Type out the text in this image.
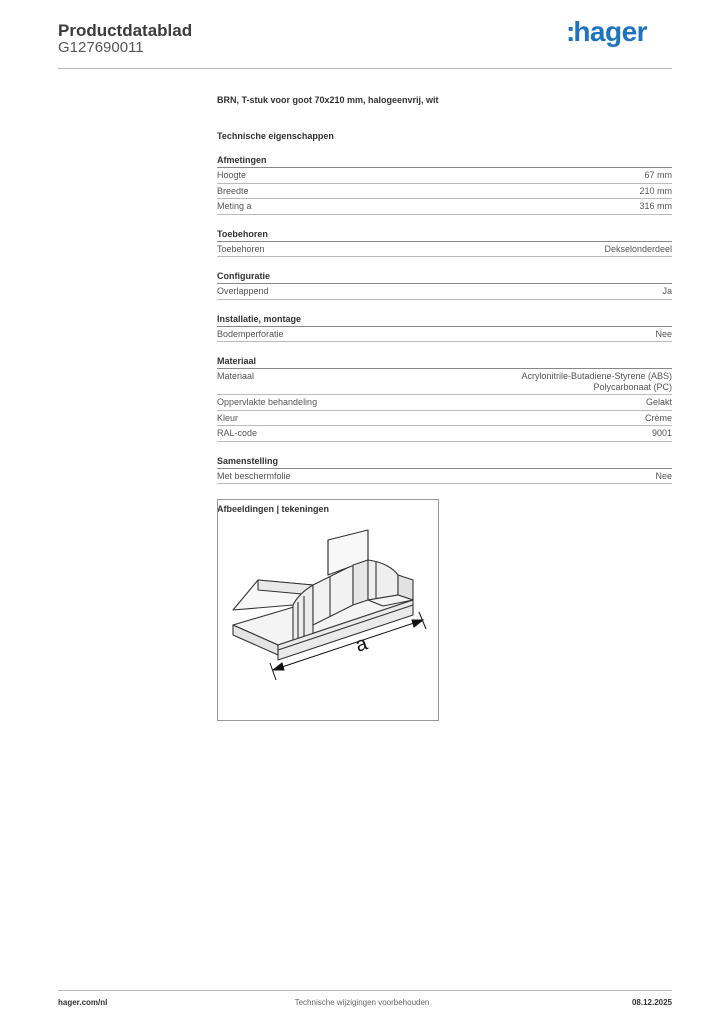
Productdatablad
G127690011
:hager
BRN, T-stuk voor goot 70x210 mm, halogeenvrij, wit
Technische eigenschappen
Afmetingen
Hoogte	67 mm
Breedte	210 mm
Meting a	316 mm
Toebehoren
Toebehoren	Dekselonderdeel
Configuratie
Overlappend	Ja
Installatie, montage
Bodemperforatie	Nee
Materiaal
Materiaal	Acrylonitrile-Butadiene-Styrene (ABS)
Polycarbonaat (PC)
Oppervlakte behandeling	Gelakt
Kleur	Crème
RAL-code	9001
Samenstelling
Met beschermfolie	Nee
Afbeeldingen | tekeningen
a
hager.com/nl	Technische wijzigingen voorbehouden	08.12.2025
